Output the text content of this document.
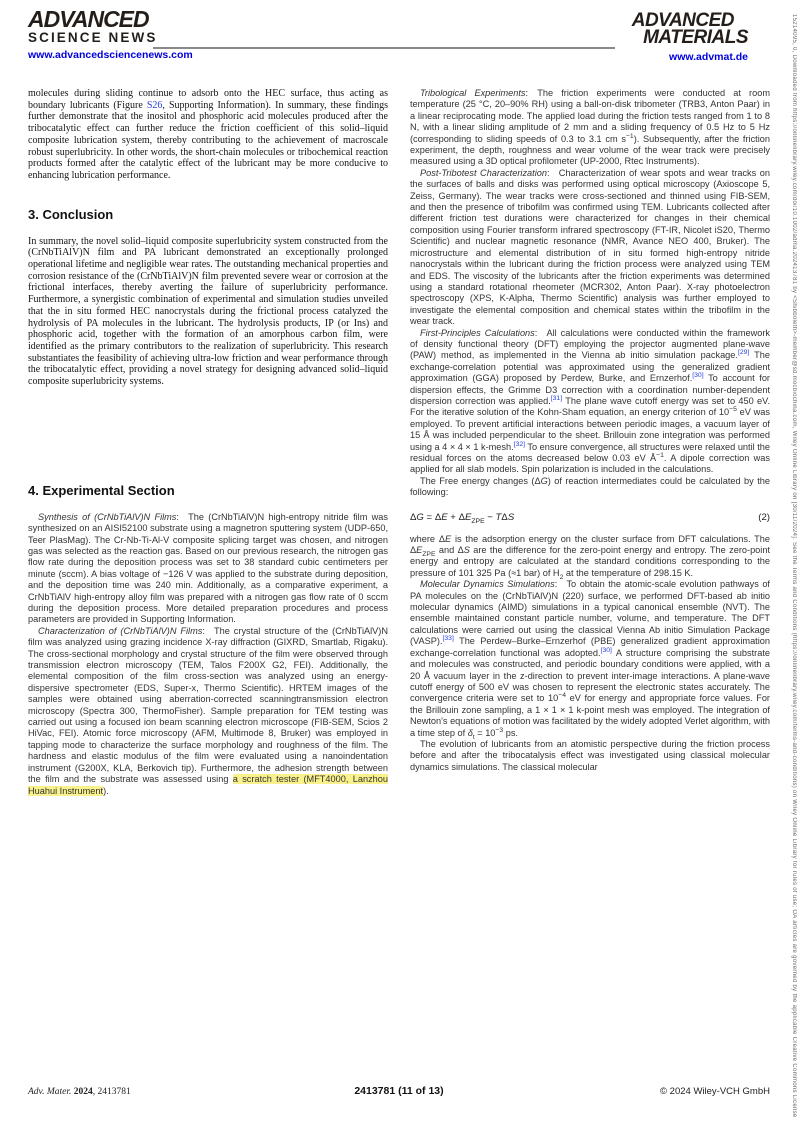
15214095, 0, Downloaded from https://onlinelibrary.wiley.com/doi/10.1002/adma.202413781 by <Shibboleth>-member@sd.mocbiochina.com, Wiley Online Library on [30/11/2024]. See the Terms and Conditions (https://onlinelibrary.wiley.com/terms-and-conditions) on Wiley Online Library for rules of use; OA articles are governed by the applicable Creative Commons License
ADVANCED
SCIENCE NEWS
www.advancedsciencenews.com
ADVANCED
MATERIALS
www.advmat.de

molecules during sliding continue to adsorb onto the HEC surface, thus acting as boundary lubricants (Figure S26, Supporting Information). In summary, these findings further demonstrate that the inositol and phosphoric acid molecules produced after the tribocatalytic effect can further reduce the friction coefficient of this solid–liquid composite lubrication system, thereby contributing to the achievement of macroscale robust superlubricity. In other words, the short-chain molecules or tribochemical reaction products formed after the catalytic effect of the lubricant may be more conducive to enhancing lubrication performance.

3. Conclusion

In summary, the novel solid–liquid composite superlubricity system constructed from the (CrNbTiAlV)N film and PA lubricant demonstrated an exceptionally prolonged operational lifetime and negligible wear rates. The outstanding mechanical properties and corrosion resistance of the (CrNbTiAlV)N film prevented severe wear or corrosion at the frictional interfaces, thereby averting the failure of superlubricity performance. Furthermore, a synergistic combination of experimental and simulation studies unveiled that the in situ formed HEC nanocrystals during the frictional process catalyzed the hydrolysis of PA molecules in the lubricant. The hydrolysis products, IP (or Ins) and phosphoric acid, together with the formation of an amorphous carbon film, were identified as the primary contributors to the realization of superlubricity. This research substantiates the feasibility of achieving ultra-low friction and wear performance through the tribocatalytic effect, providing a novel strategy for designing advanced solid–liquid composite superlubricity systems.

4. Experimental Section

Synthesis of (CrNbTiAlV)N Films: The (CrNbTiAlV)N high-entropy nitride film was synthesized on an AISI52100 substrate using a magnetron sputtering system (UDP-650, Teer PlasMag). The Cr-Nb-Ti-Al-V composite splicing target was chosen, and nitrogen gas was selected as the reaction gas. Based on our previous research, the nitrogen gas flow rate during the deposition process was set to 38 standard cubic centimeters per minute (sccm). A bias voltage of −126 V was applied to the substrate during deposition, and the deposition time was 240 min. Additionally, as a comparative experiment, a CrNbTiAlV high-entropy alloy film was prepared with a nitrogen gas flow rate of 0 sccm during the deposition process. More detailed preparation procedures and process parameters are provided in Supporting Information.

Characterization of (CrNbTiAlV)N Films: The crystal structure of the (CrNbTiAlV)N film was analyzed using grazing incidence X-ray diffraction (GIXRD, Smartlab, Rigaku). The cross-sectional morphology and crystal structure of the film were observed through transmission electron microscopy (TEM, Talos F200X G2, FEI). Additionally, the elemental composition of the film cross-section was analyzed using an energy-dispersive spectrometer (EDS, Super-x, Thermo Scientific). HRTEM images of the samples were obtained using aberration-corrected scanningtransmission electron microscopy (Spectra 300, ThermoFisher). Sample preparation for TEM testing was carried out using a focused ion beam scanning electron microscope (FIB-SEM, Scios 2 HiVac, FEI). Atomic force microscopy (AFM, Multimode 8, Bruker) was employed in tapping mode to characterize the surface morphology and roughness of the film. The hardness and elastic modulus of the film were evaluated using a nanoindentation instrument (G200X, KLA, Berkovich tip). Furthermore, the adhesion strength between the film and the substrate was assessed using a scratch tester (MFT4000, Lanzhou Huahui Instrument).

Tribological Experiments: The friction experiments were conducted at room temperature (25 °C, 20–90% RH) using a ball-on-disk tribometer (TRB3, Anton Paar) in a linear reciprocating mode. The applied load during the friction tests ranged from 1 to 8 N, with a linear sliding amplitude of 2 mm and a sliding frequency of 0.5 Hz to 5 Hz (corresponding to sliding speeds of 0.3 to 3.1 cm $s^{-1}$). Subsequently, after the friction experiment, the depth, roughness and wear volume of the wear track were precisely measured using a 3D optical profilometer (UP-2000, Rtec Instruments).

Post-Tribotest Characterization: Characterization of wear spots and wear tracks on the surfaces of balls and disks was performed using optical microscopy (Axioscope 5, Zeiss, Germany). The wear tracks were cross-sectioned and thinned using FIB-SEM, and then the presence of tribofilm was confirmed using TEM. Lubricants collected after different friction test durations were characterized for changes in their chemical composition using Fourier transform infrared spectroscopy (FT-IR, Nicolet iS20, Thermo Scientific) and nuclear magnetic resonance (NMR, Avance NEO 400, Bruker). The microstructure and elemental distribution of in situ formed high-entropy nitride nanocrystals within the lubricant during the friction process were analyzed using TEM and EDS. The viscosity of the lubricants after the friction experiments was determined using a standard rotational rheometer (MCR302, Anton Paar). X-ray photoelectron spectroscopy (XPS, K-Alpha, Thermo Scientific) analysis was further employed to investigate the elemental composition and chemical states within the tribofilm in the wear track.

First-Principles Calculations: All calculations were conducted within the framework of density functional theory (DFT) employing the projector augmented plane-wave (PAW) method, as implemented in the Vienna ab initio simulation package.[29] The exchange-correlation potential was approximated using the generalized gradient approximation (GGA) proposed by Perdew, Burke, and Ernzerhof.[30] To account for dispersion effects, the Grimme D3 correction with a coordination number-dependent dispersion correction was applied.[31] The plane wave cutoff energy was set to 450 eV. For the iterative solution of the Kohn-Sham equation, an energy criterion of $10^{-5}$ eV was employed. To prevent artificial interactions between periodic images, a vacuum layer of 15 Å was included perpendicular to the sheet. Brillouin zone integration was performed using a 4 × 4 × 1 k-mesh.[32] To ensure convergence, all structures were relaxed until the residual forces on the atoms decreased below 0.03 eV $Å^{-1}$. A dipole correction was applied for all slab models. Spin polarization is included in the calculations.

The Free energy changes (ΔG) of reaction intermediates could be calculated by the following:

$\Delta G = \Delta E + \Delta E_{ZPE} - T\Delta S$	(2)

where ΔE is the adsorption energy on the cluster surface from DFT calculations. The $\Delta E_{ZPE}$ and ΔS are the difference for the zero-point energy and entropy. The zero-point energy and entropy are calculated at the standard conditions corresponding to the pressure of 101 325 Pa (≈1 bar) of $H_2$ at the temperature of 298.15 K.

Molecular Dynamics Simulations: To obtain the atomic-scale evolution pathways of PA molecules on the (CrNbTiAlV)N (220) surface, we performed DFT-based ab initio molecular dynamics (AIMD) simulations in a typical canonical ensemble (NVT). The ensemble maintained constant particle number, volume, and temperature. The DFT calculations were carried out using the classical Vienna Ab initio Simulation Package (VASP).[33] The Perdew–Burke–Ernzerhof (PBE) generalized gradient approximation exchange-correlation functional was adopted.[30] A structure comprising the substrate and molecules was constructed, and periodic boundary conditions were applied, with a 20 Å vacuum layer in the z-direction to prevent inter-image interactions. A plane-wave cutoff energy of 500 eV was chosen to represent the electronic states accurately. The convergence criteria were set to $10^{-4}$ eV for energy and appropriate force values. For the Brillouin zone sampling, a 1 × 1 × 1 k-point mesh was employed. The integration of Newton's equations of motion was facilitated by the widely adopted Verlet algorithm, with a time step of $\delta_t = 10^{-3}$ ps.

The evolution of lubricants from an atomistic perspective during the friction process before and after the tribocatalysis effect was investigated using classical molecular dynamics simulations. The classical molecular

Adv. Mater. 2024, 2413781	2413781 (11 of 13)	© 2024 Wiley-VCH GmbH
